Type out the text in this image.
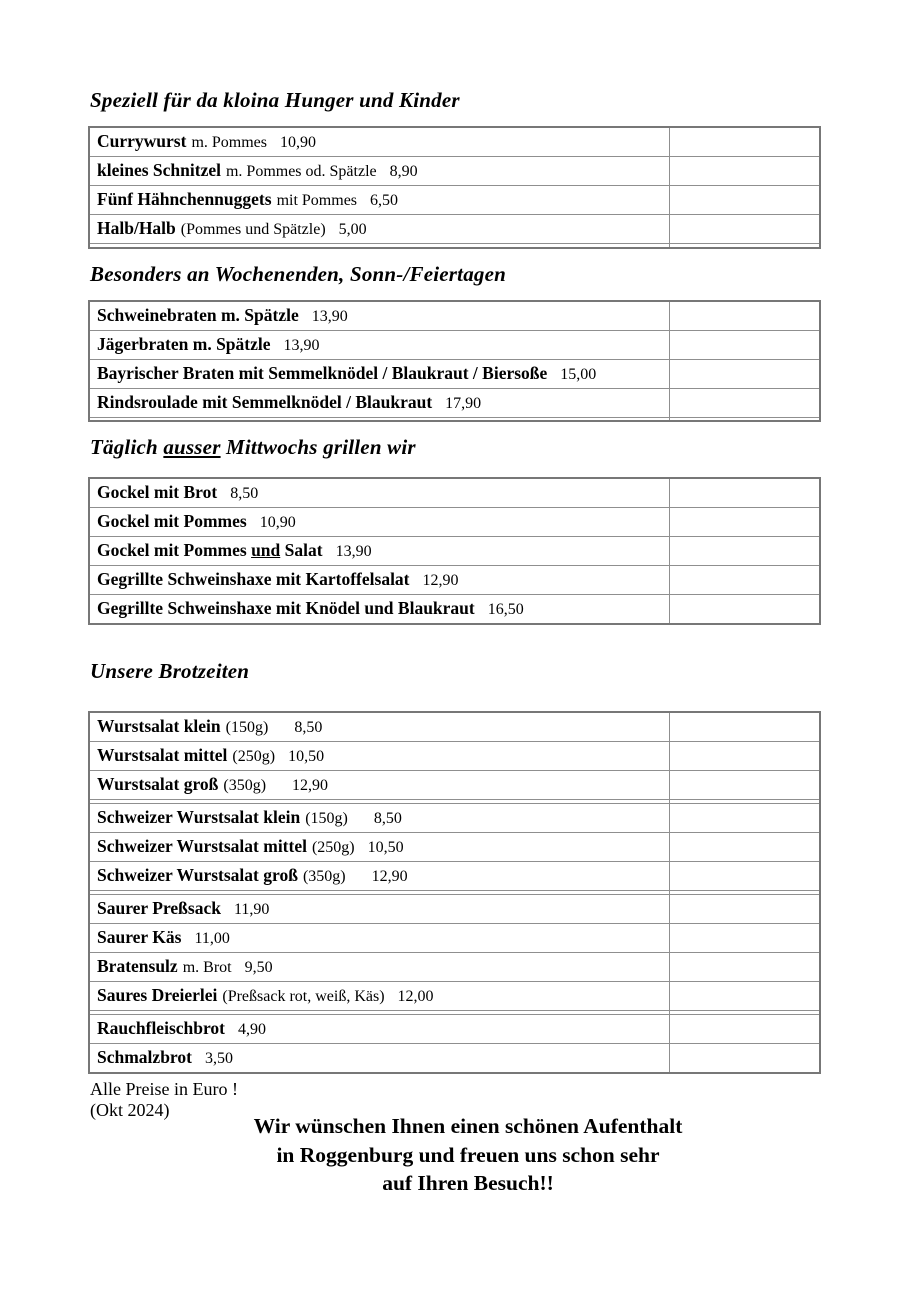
Speziell für da kloina Hunger und Kinder
Currywurst m. Pommes 10,90	
kleines Schnitzel m. Pommes od. Spätzle 8,90	
Fünf Hähnchennuggets mit Pommes 6,50	
Halb/Halb (Pommes und Spätzle) 5,00	

Besonders an Wochenenden, Sonn-/Feiertagen
Schweinebraten m. Spätzle 13,90	
Jägerbraten m. Spätzle 13,90	
Bayrischer Braten mit Semmelknödel / Blaukraut / Biersoße 15,00	
Rindsroulade mit Semmelknödel / Blaukraut 17,90	

Täglich ausser Mittwochs grillen wir
Gockel mit Brot 8,50	
Gockel mit Pommes 10,90	
Gockel mit Pommes und Salat 13,90	
Gegrillte Schweinshaxe mit Kartoffelsalat 12,90	
Gegrillte Schweinshaxe mit Knödel und Blaukraut 16,50	
Unsere Brotzeiten
Wurstsalat klein (150g) 8,50	
Wurstsalat mittel (250g) 10,50	
Wurstsalat groß (350g) 12,90	

Schweizer Wurstsalat klein (150g) 8,50	
Schweizer Wurstsalat mittel (250g) 10,50	
Schweizer Wurstsalat groß (350g) 12,90	

Saurer Preßsack 11,90	
Saurer Käs 11,00	
Bratensulz m. Brot 9,50	
Saures Dreierlei (Preßsack rot, weiß, Käs) 12,00	

Rauchfleischbrot 4,90	
Schmalzbrot 3,50	

Alle Preise in Euro !

(Okt 2024)

Wir wünschen Ihnen einen schönen Aufenthalt
in Roggenburg und freuen uns schon sehr
auf Ihren Besuch!!
